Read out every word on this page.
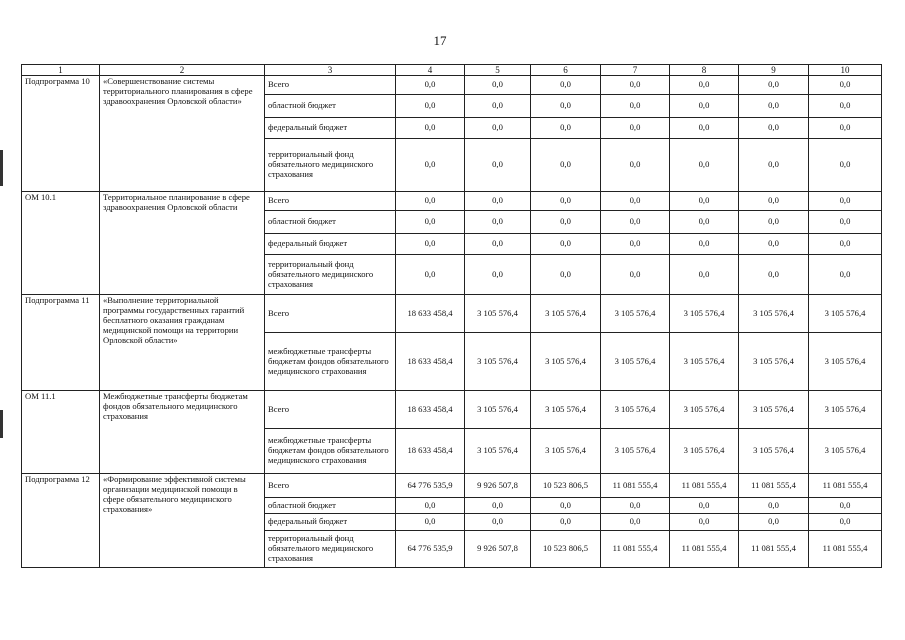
17
1	2	3	4	5	6	7	8	9	10
Подпрограмма 10	«Совершенствование системы территориального планирования в сфере здравоохранения Орловской области»	Всего	0,0	0,0	0,0	0,0	0,0	0,0	0,0
		областной бюджет	0,0	0,0	0,0	0,0	0,0	0,0	0,0
		федеральный бюджет	0,0	0,0	0,0	0,0	0,0	0,0	0,0
		территориальный фонд обязательного медицинского страхования	0,0	0,0	0,0	0,0	0,0	0,0	0,0
ОМ 10.1	Территориальное планирование в сфере здравоохранения Орловской области	Всего	0,0	0,0	0,0	0,0	0,0	0,0	0,0
		областной бюджет	0,0	0,0	0,0	0,0	0,0	0,0	0,0
		федеральный бюджет	0,0	0,0	0,0	0,0	0,0	0,0	0,0
		территориальный фонд обязательного медицинского страхования	0,0	0,0	0,0	0,0	0,0	0,0	0,0
Подпрограмма 11	«Выполнение территориальной программы государственных гарантий бесплатного оказания гражданам медицинской помощи на территории Орловской области»	Всего	18 633 458,4	3 105 576,4	3 105 576,4	3 105 576,4	3 105 576,4	3 105 576,4	3 105 576,4
		межбюджетные трансферты бюджетам фондов обязательного медицинского страхования	18 633 458,4	3 105 576,4	3 105 576,4	3 105 576,4	3 105 576,4	3 105 576,4	3 105 576,4
ОМ 11.1	Межбюджетные трансферты бюджетам фондов обязательного медицинского страхования	Всего	18 633 458,4	3 105 576,4	3 105 576,4	3 105 576,4	3 105 576,4	3 105 576,4	3 105 576,4
		межбюджетные трансферты бюджетам фондов обязательного медицинского страхования	18 633 458,4	3 105 576,4	3 105 576,4	3 105 576,4	3 105 576,4	3 105 576,4	3 105 576,4
Подпрограмма 12	«Формирование эффективной системы организации медицинской помощи в сфере обязательного медицинского страхования»	Всего	64 776 535,9	9 926 507,8	10 523 806,5	11 081 555,4	11 081 555,4	11 081 555,4	11 081 555,4
		областной бюджет	0,0	0,0	0,0	0,0	0,0	0,0	0,0
		федеральный бюджет	0,0	0,0	0,0	0,0	0,0	0,0	0,0
		территориальный фонд обязательного медицинского страхования	64 776 535,9	9 926 507,8	10 523 806,5	11 081 555,4	11 081 555,4	11 081 555,4	11 081 555,4
